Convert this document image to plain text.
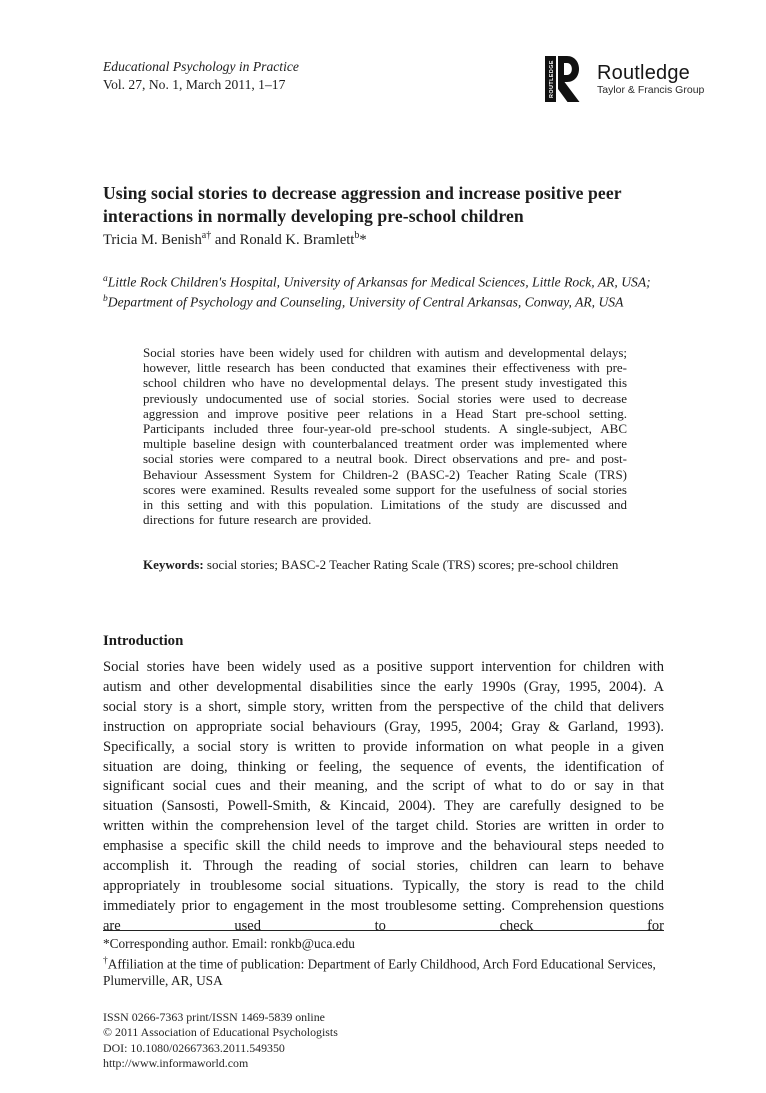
Educational Psychology in Practice
Vol. 27, No. 1, March 2011, 1–17	ROUTLEDGE Routledge
Taylor & Francis Group
Using social stories to decrease aggression and increase positive peer interactions in normally developing pre-school children
Tricia M. Benish$^{a\dagger}$ and Ronald K. Bramlett$^b$*
$^a$Little Rock Children's Hospital, University of Arkansas for Medical Sciences, Little Rock, AR, USA; $^b$Department of Psychology and Counseling, University of Central Arkansas, Conway, AR, USA
Social stories have been widely used for children with autism and developmental delays; however, little research has been conducted that examines their effectiveness with pre-school children who have no developmental delays. The present study investigated this previously undocumented use of social stories. Social stories were used to decrease aggression and improve positive peer relations in a Head Start pre-school setting. Participants included three four-year-old pre-school students. A single-subject, ABC multiple baseline design with counterbalanced treatment order was implemented where social stories were compared to a neutral book. Direct observations and pre- and post-Behaviour Assessment System for Children-2 (BASC-2) Teacher Rating Scale (TRS) scores were examined. Results revealed some support for the usefulness of social stories in this setting and with this population. Limitations of the study are discussed and directions for future research are provided.
Keywords: social stories; BASC-2 Teacher Rating Scale (TRS) scores; pre-school children
Introduction
Social stories have been widely used as a positive support intervention for children with autism and other developmental disabilities since the early 1990s (Gray, 1995, 2004). A social story is a short, simple story, written from the perspective of the child that delivers instruction on appropriate social behaviours (Gray, 1995, 2004; Gray & Garland, 1993). Specifically, a social story is written to provide information on what people in a given situation are doing, thinking or feeling, the sequence of events, the identification of significant social cues and their meaning, and the script of what to do or say in that situation (Sansosti, Powell-Smith, & Kincaid, 2004). They are carefully designed to be written within the comprehension level of the target child. Stories are written in order to emphasise a specific skill the child needs to improve and the behavioural steps needed to accomplish it. Through the reading of social stories, children can learn to behave appropriately in troublesome social situations. Typically, the story is read to the child immediately prior to engagement in the most troublesome setting. Comprehension questions are used to check for
*Corresponding author. Email: ronkb@uca.edu
†Affiliation at the time of publication: Department of Early Childhood, Arch Ford Educational Services, Plumerville, AR, USA
ISSN 0266-7363 print/ISSN 1469-5839 online
© 2011 Association of Educational Psychologists
DOI: 10.1080/02667363.2011.549350
http://www.informaworld.com
